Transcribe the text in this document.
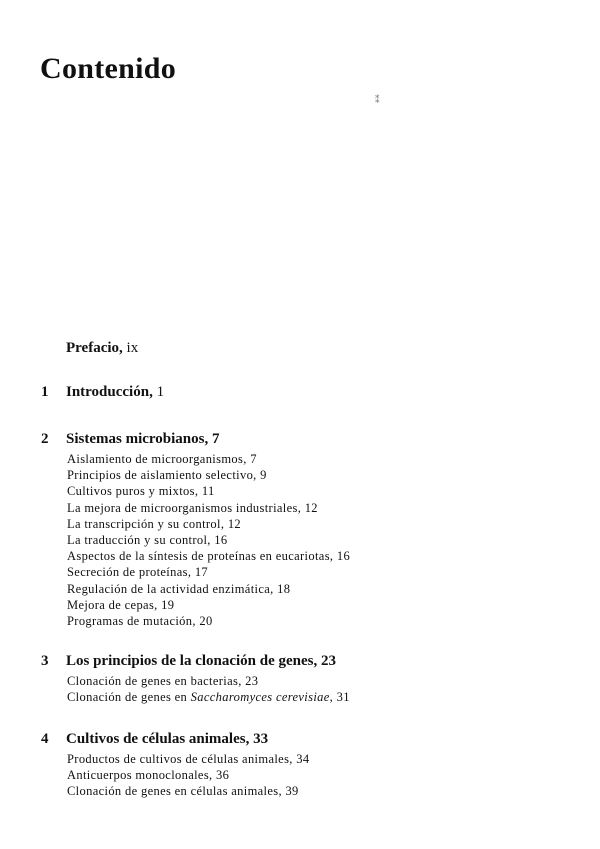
Contenido
⁑
Prefacio, ix
1 Introducción, 1
2 Sistemas microbianos, 7
Aislamiento de microorganismos, 7
Principios de aislamiento selectivo, 9
Cultivos puros y mixtos, 11
La mejora de microorganismos industriales, 12
La transcripción y su control, 12
La traducción y su control, 16
Aspectos de la síntesis de proteínas en eucariotas, 16
Secreción de proteínas, 17
Regulación de la actividad enzimática, 18
Mejora de cepas, 19
Programas de mutación, 20
3 Los principios de la clonación de genes, 23
Clonación de genes en bacterias, 23
Clonación de genes en Saccharomyces cerevisiae, 31
4 Cultivos de células animales, 33
Productos de cultivos de células animales, 34
Anticuerpos monoclonales, 36
Clonación de genes en células animales, 39
